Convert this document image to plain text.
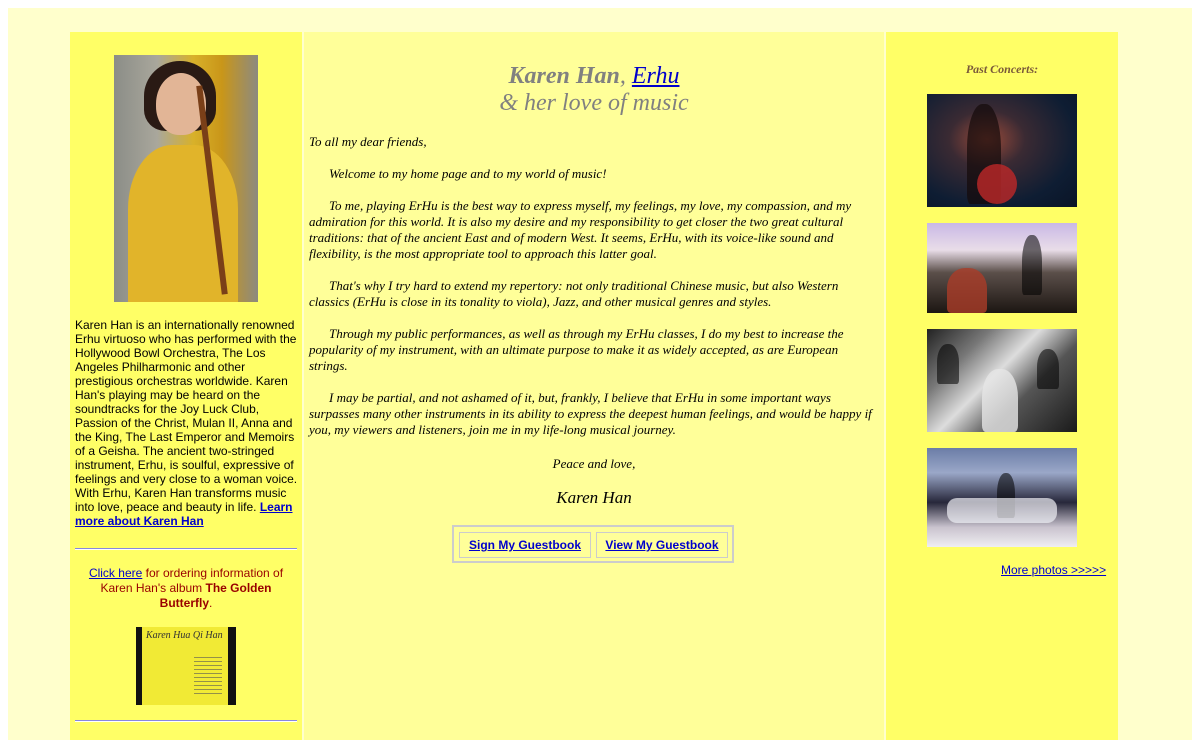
Karen Han is an internationally renowned Erhu virtuoso who has performed with the Hollywood Bowl Orchestra, The Los Angeles Philharmonic and other prestigious orchestras worldwide. Karen Han's playing may be heard on the soundtracks for the Joy Luck Club, Passion of the Christ, Mulan II, Anna and the King, The Last Emperor and Memoirs of a Geisha. The ancient two-stringed instrument, Erhu, is soulful, expressive of feelings and very close to a woman voice. With Erhu, Karen Han transforms music into love, peace and beauty in life. Learn more about Karen Han
Click here for ordering information of Karen Han's album The Golden Butterfly.
Karen Hua Qi Han
Karen Han, Erhu
& her love of music

To all my dear friends,

Welcome to my home page and to my world of music!

To me, playing ErHu is the best way to express myself, my feelings, my love, my compassion, and my admiration for this world. It is also my desire and my responsibility to get closer the two great cultural traditions: that of the ancient East and of modern West. It seems, ErHu, with its voice-like sound and flexibility, is the most appropriate tool to approach this latter goal.

That's why I try hard to extend my repertory: not only traditional Chinese music, but also Western classics (ErHu is close in its tonality to viola), Jazz, and other musical genres and styles.

Through my public performances, as well as through my ErHu classes, I do my best to increase the popularity of my instrument, with an ultimate purpose to make it as widely accepted, as are European strings.

I may be partial, and not ashamed of it, but, frankly, I believe that ErHu in some important ways surpasses many other instruments in its ability to express the deepest human feelings, and would be happy if you, my viewers and listeners, join me in my life-long musical journey.

Peace and love,
Karen Han
Sign My Guestbook	View My Guestbook
Past Concerts:
More photos >>>>>
